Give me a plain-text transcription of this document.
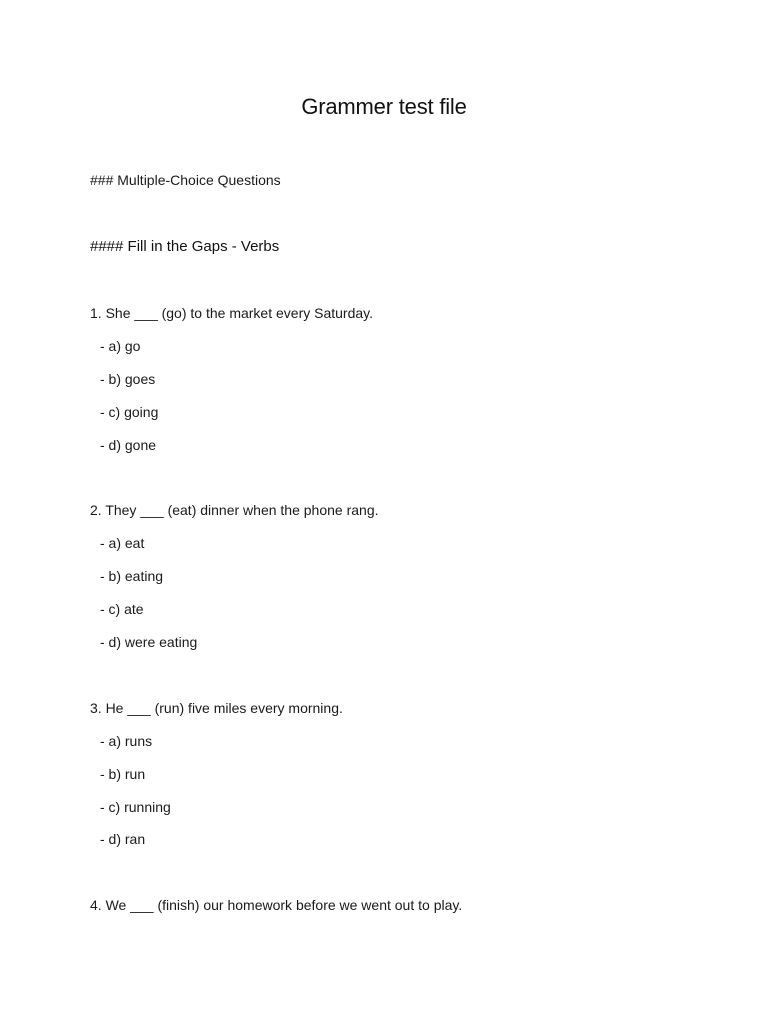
Grammer test file
### Multiple-Choice Questions
#### Fill in the Gaps - Verbs
1. She ___ (go) to the market every Saturday.
- a) go
- b) goes
- c) going
- d) gone
2. They ___ (eat) dinner when the phone rang.
- a) eat
- b) eating
- c) ate
- d) were eating
3. He ___ (run) five miles every morning.
- a) runs
- b) run
- c) running
- d) ran
4. We ___ (finish) our homework before we went out to play.
